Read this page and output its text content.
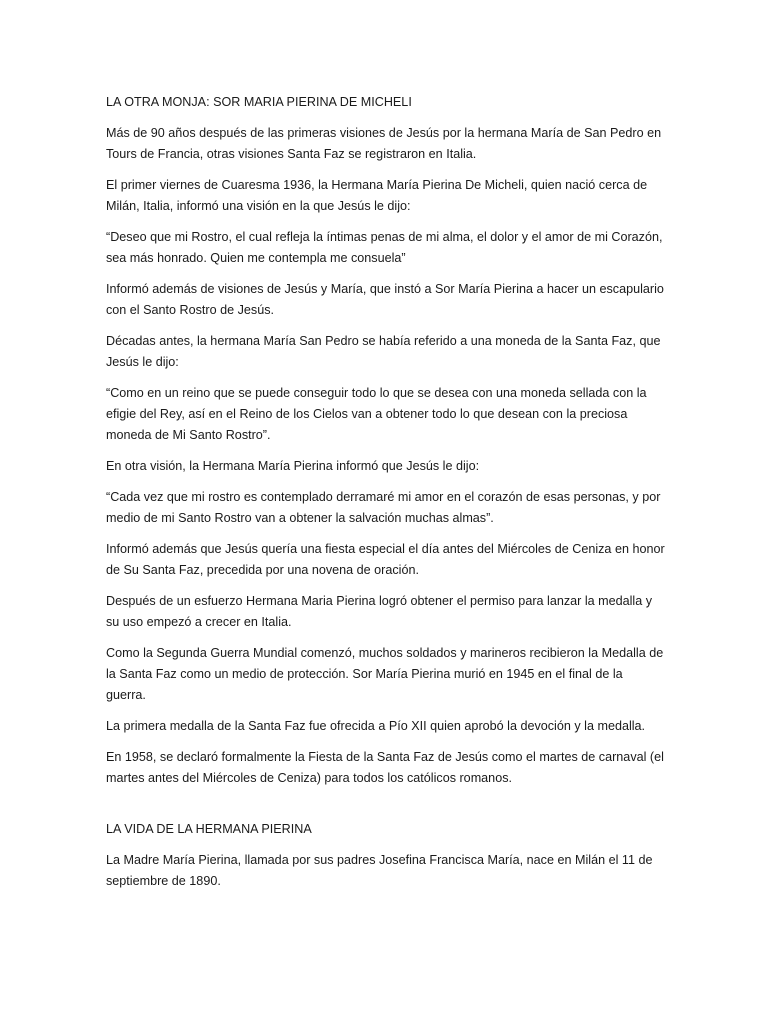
LA OTRA MONJA: SOR MARIA PIERINA DE MICHELI

Más de 90 años después de las primeras visiones de Jesús por la hermana María de San Pedro en Tours de Francia, otras visiones Santa Faz se registraron en Italia.

El primer viernes de Cuaresma 1936, la Hermana María Pierina De Micheli, quien nació cerca de Milán, Italia, informó una visión en la que Jesús le dijo:

“Deseo que mi Rostro, el cual refleja la íntimas penas de mi alma, el dolor y el amor de mi Corazón, sea más honrado. Quien me contempla me consuela”

Informó además de visiones de Jesús y María, que instó a Sor María Pierina a hacer un escapulario con el Santo Rostro de Jesús.

Décadas antes, la hermana María San Pedro se había referido a una moneda de la Santa Faz, que Jesús le dijo:

“Como en un reino que se puede conseguir todo lo que se desea con una moneda sellada con la efigie del Rey, así en el Reino de los Cielos van a obtener todo lo que desean con la preciosa moneda de Mi Santo Rostro”.

En otra visión, la Hermana María Pierina informó que Jesús le dijo:

“Cada vez que mi rostro es contemplado derramaré mi amor en el corazón de esas personas, y por medio de mi Santo Rostro van a obtener la salvación muchas almas”.

Informó además que Jesús quería una fiesta especial el día antes del Miércoles de Ceniza en honor de Su Santa Faz, precedida por una novena de oración.

Después de un esfuerzo Hermana Maria Pierina logró obtener el permiso para lanzar la medalla y su uso empezó a crecer en Italia.

Como la Segunda Guerra Mundial comenzó, muchos soldados y marineros recibieron la Medalla de la Santa Faz como un medio de protección. Sor María Pierina murió en 1945 en el final de la guerra.

La primera medalla de la Santa Faz fue ofrecida a Pío XII quien aprobó la devoción y la medalla.

En 1958, se declaró formalmente la Fiesta de la Santa Faz de Jesús como el martes de carnaval (el martes antes del Miércoles de Ceniza) para todos los católicos romanos.

LA VIDA DE LA HERMANA PIERINA

La Madre María Pierina, llamada por sus padres Josefina Francisca María, nace en Milán el 11 de septiembre de 1890.
